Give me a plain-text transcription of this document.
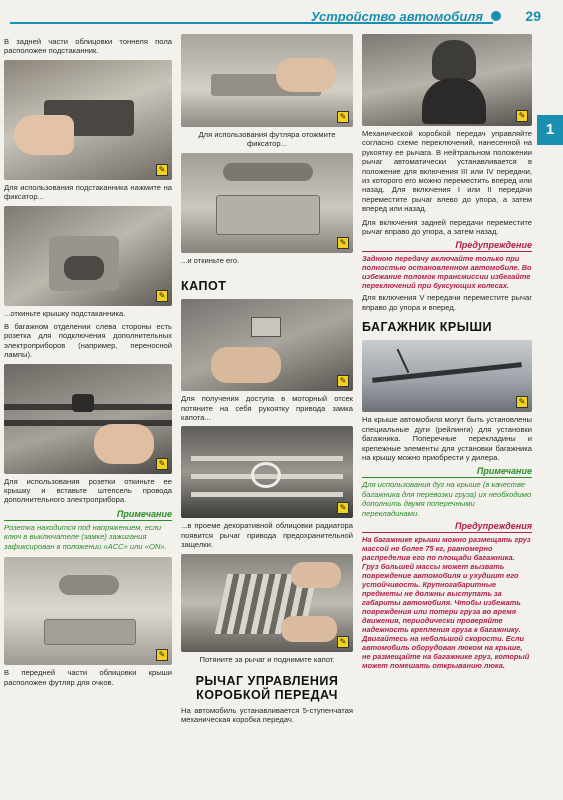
Устройство автомобиля	29
1

В задней части облицовки тоннеля пола расположен подстаканник.

✎

Для использования подстаканника нажмите на фиксатор...

✎

...откиньте крышку подстаканника.

В багажном отделении слева стороны есть розетка для подключения дополнительных электроприборов (например, переносной лампы).

✎

Для использования розетки откиньте ее крышку и вставьте штепсель провода дополнительного электроприбора.

Примечание

Розетка находится под напряжением, если ключ в выключателе (замке) зажигания зафиксирован в положении «ACC» или «ON».

✎

В передней части облицовки крыши расположен футляр для очков.

✎

Для использования футляра отожмите фиксатор...

✎

...и откиньте его.

КАПОТ
✎

Для получения доступа в моторный отсек потяните на себя рукоятку привода замка капота...

✎

...в проеме декоративной облицовки радиатора появится рычаг привода предохранительной защелки.

✎

Потяните за рычаг и поднимите капот.

РЫЧАГ УПРАВЛЕНИЯ КОРОБКОЙ ПЕРЕДАЧ

На автомобиль устанавливается 5-ступенчатая механическая коробка передач.

✎

Механической коробкой передач управляйте согласно схеме переключений, нанесенной на рукоятку ее рычага. В нейтральном положении рычаг автоматически устанавливается в положение для включения III или IV передачи, из которого его можно переместить вперед или назад. Для включения I или II передачи переместите рычаг влево до упора, а затем вперед или назад.

Для включения задней передачи переместите рычаг вправо до упора, а затем назад.

Предупреждение

Заднюю передачу включайте только при полностью остановленном автомобиле. Во избежание поломок трансмиссии избегайте переключений при буксующих колесах.

Для включения V передачи переместите рычаг вправо до упора и вперед.

БАГАЖНИК КРЫШИ
✎

На крыше автомобиля могут быть установлены специальные дуги (рейлинги) для установки багажника. Поперечные перекладины и крепежные элементы для установки багажника на крышу можно приобрести у дилера.

Примечание

Для использования дуг на крыше (в качестве багажника для перевозки груза) их необходимо дополнить двумя поперечными перекладинами.

Предупреждения

На багажнике крыши можно размещать груз массой не более 75 кг, равномерно распределив его по площади багажника. Груз большей массы может вызвать повреждение автомобиля и ухудшит его устойчивость. Крупногабаритные предметы не должны выступать за габариты автомобиля. Чтобы избежать повреждения или потери груза во время движения, периодически проверяйте надежность крепления груза к багажнику. Двигайтесь на небольшой скорости. Если автомобиль оборудован люком на крыше, не размещайте на багажнике груз, который может помешать открыванию люка.
